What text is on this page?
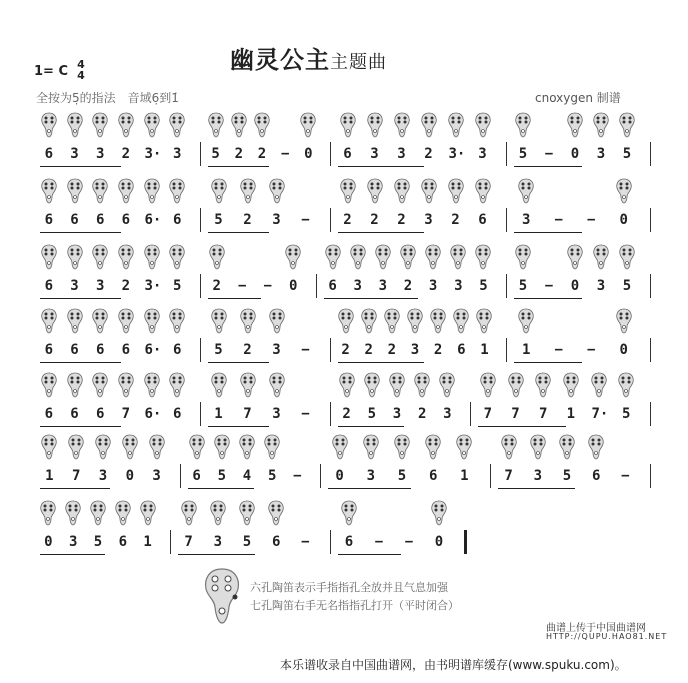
幽灵公主主题曲
1= C 4
4
全按为5̣的指法　音域6̣到1̇	cnoxygen 制谱
6 3 3 2 3· 3 5 2 2 − 0 6 3 3 2 3· 3 5 − 0 3 5
6 6 6 6 6· 6 5 2 3 − 2 2 2 3 2 6	3 − − 0
6 3 3 2 3· 5 2 − − 0 6 3 3 2 3 3 5 5 − 0 3 5
6 6 6 6 6· 6 5 2 3 − 2 2 2 3 2 6 1 1 − − 0
6 6 6 7 6· 6 1 7 3 − 2 5 3 2 3 7 7 7 1 7· 5
1 7 3 0 3 6 5 4 5 − 0 3 5 6 1	7 3 5 6 −
0 3 5 6 1 7 3 5 6 −	6 − − 0
六孔陶笛表示手指指孔全放并且气息加强
七孔陶笛右手无名指指孔打开（平时闭合）
曲谱上传于中国曲谱网
HTTP://QUPU.HAO81.NET
本乐谱收录自中国曲谱网，由书明谱库缓存(www.spuku.com)。
